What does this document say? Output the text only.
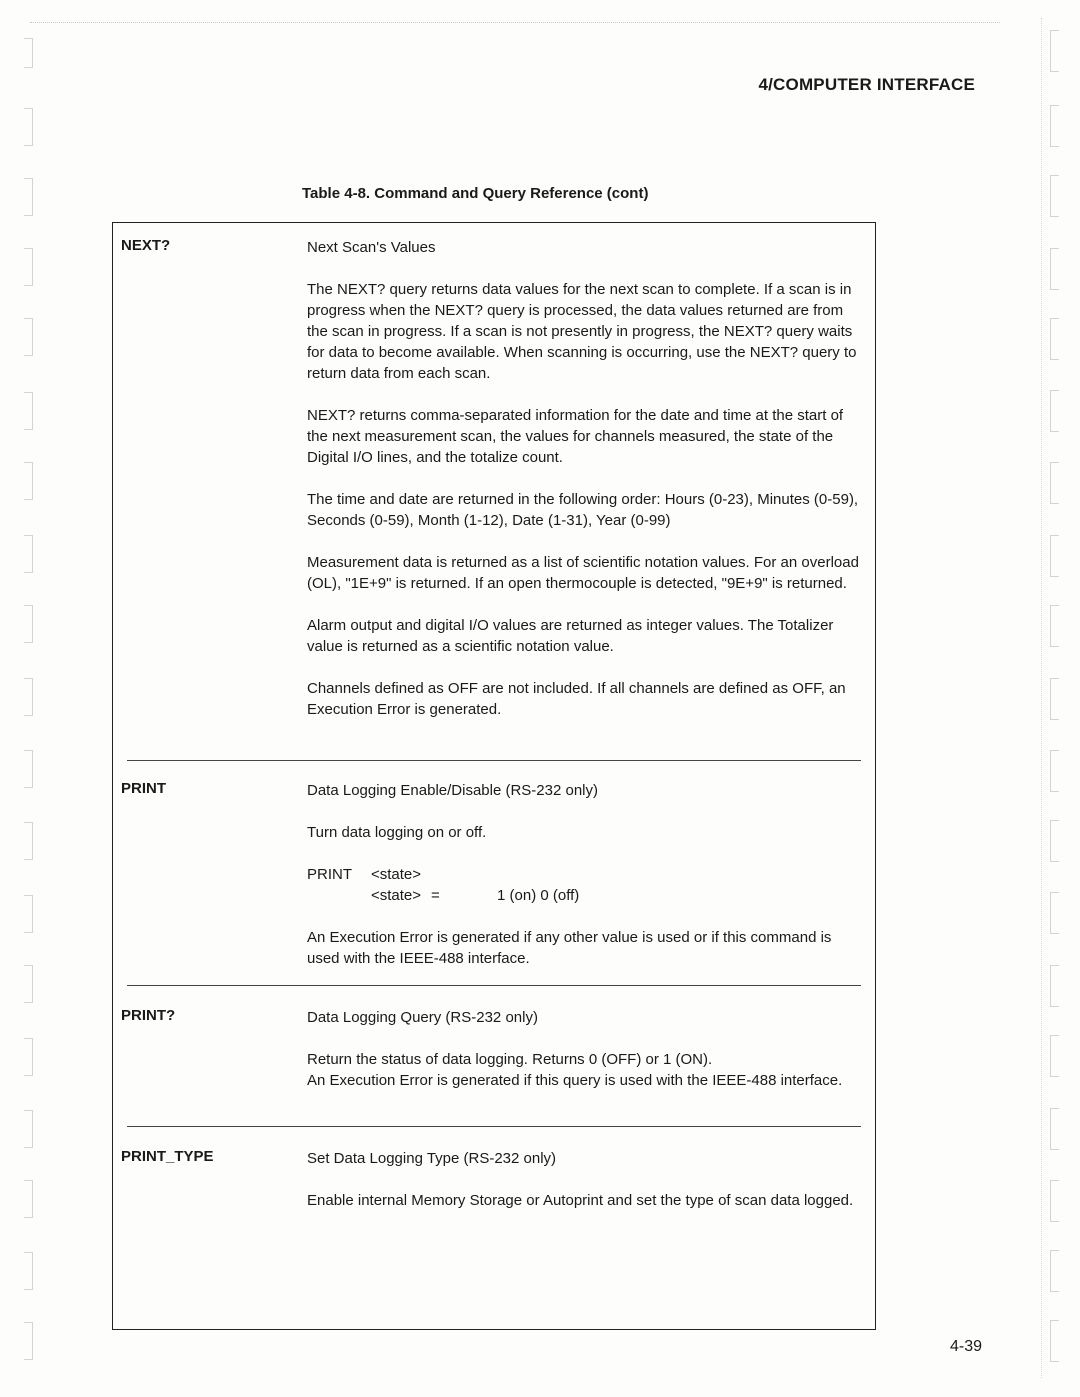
4/COMPUTER INTERFACE
Table 4-8. Command and Query Reference (cont)
NEXT?	Next Scan's Values

The NEXT? query returns data values for the next scan to complete. If a scan is in progress when the NEXT? query is processed, the data values returned are from the scan in progress. If a scan is not presently in progress, the NEXT? query waits for data to become available. When scanning is occurring, use the NEXT? query to return data from each scan.

NEXT? returns comma-separated information for the date and time at the start of the next measurement scan, the values for channels measured, the state of the Digital I/O lines, and the totalize count.

The time and date are returned in the following order: Hours (0-23), Minutes (0-59), Seconds (0-59), Month (1-12), Date (1-31), Year (0-99)

Measurement data is returned as a list of scientific notation values. For an overload (OL), "1E+9" is returned. If an open thermocouple is detected, "9E+9" is returned.

Alarm output and digital I/O values are returned as integer values. The Totalizer value is returned as a scientific notation value.

Channels defined as OFF are not included. If all channels are defined as OFF, an Execution Error is generated.

PRINT	Data Logging Enable/Disable (RS-232 only)

Turn data logging on or off.

PRINT <state>
<state> =	1 (on) 0 (off)

An Execution Error is generated if any other value is used or if this command is used with the IEEE-488 interface.

PRINT?	Data Logging Query (RS-232 only)

Return the status of data logging. Returns 0 (OFF) or 1 (ON).
An Execution Error is generated if this query is used with the IEEE-488 interface.
PRINT_TYPE	Set Data Logging Type (RS-232 only)

Enable internal Memory Storage or Autoprint and set the type of scan data logged.

4-39
